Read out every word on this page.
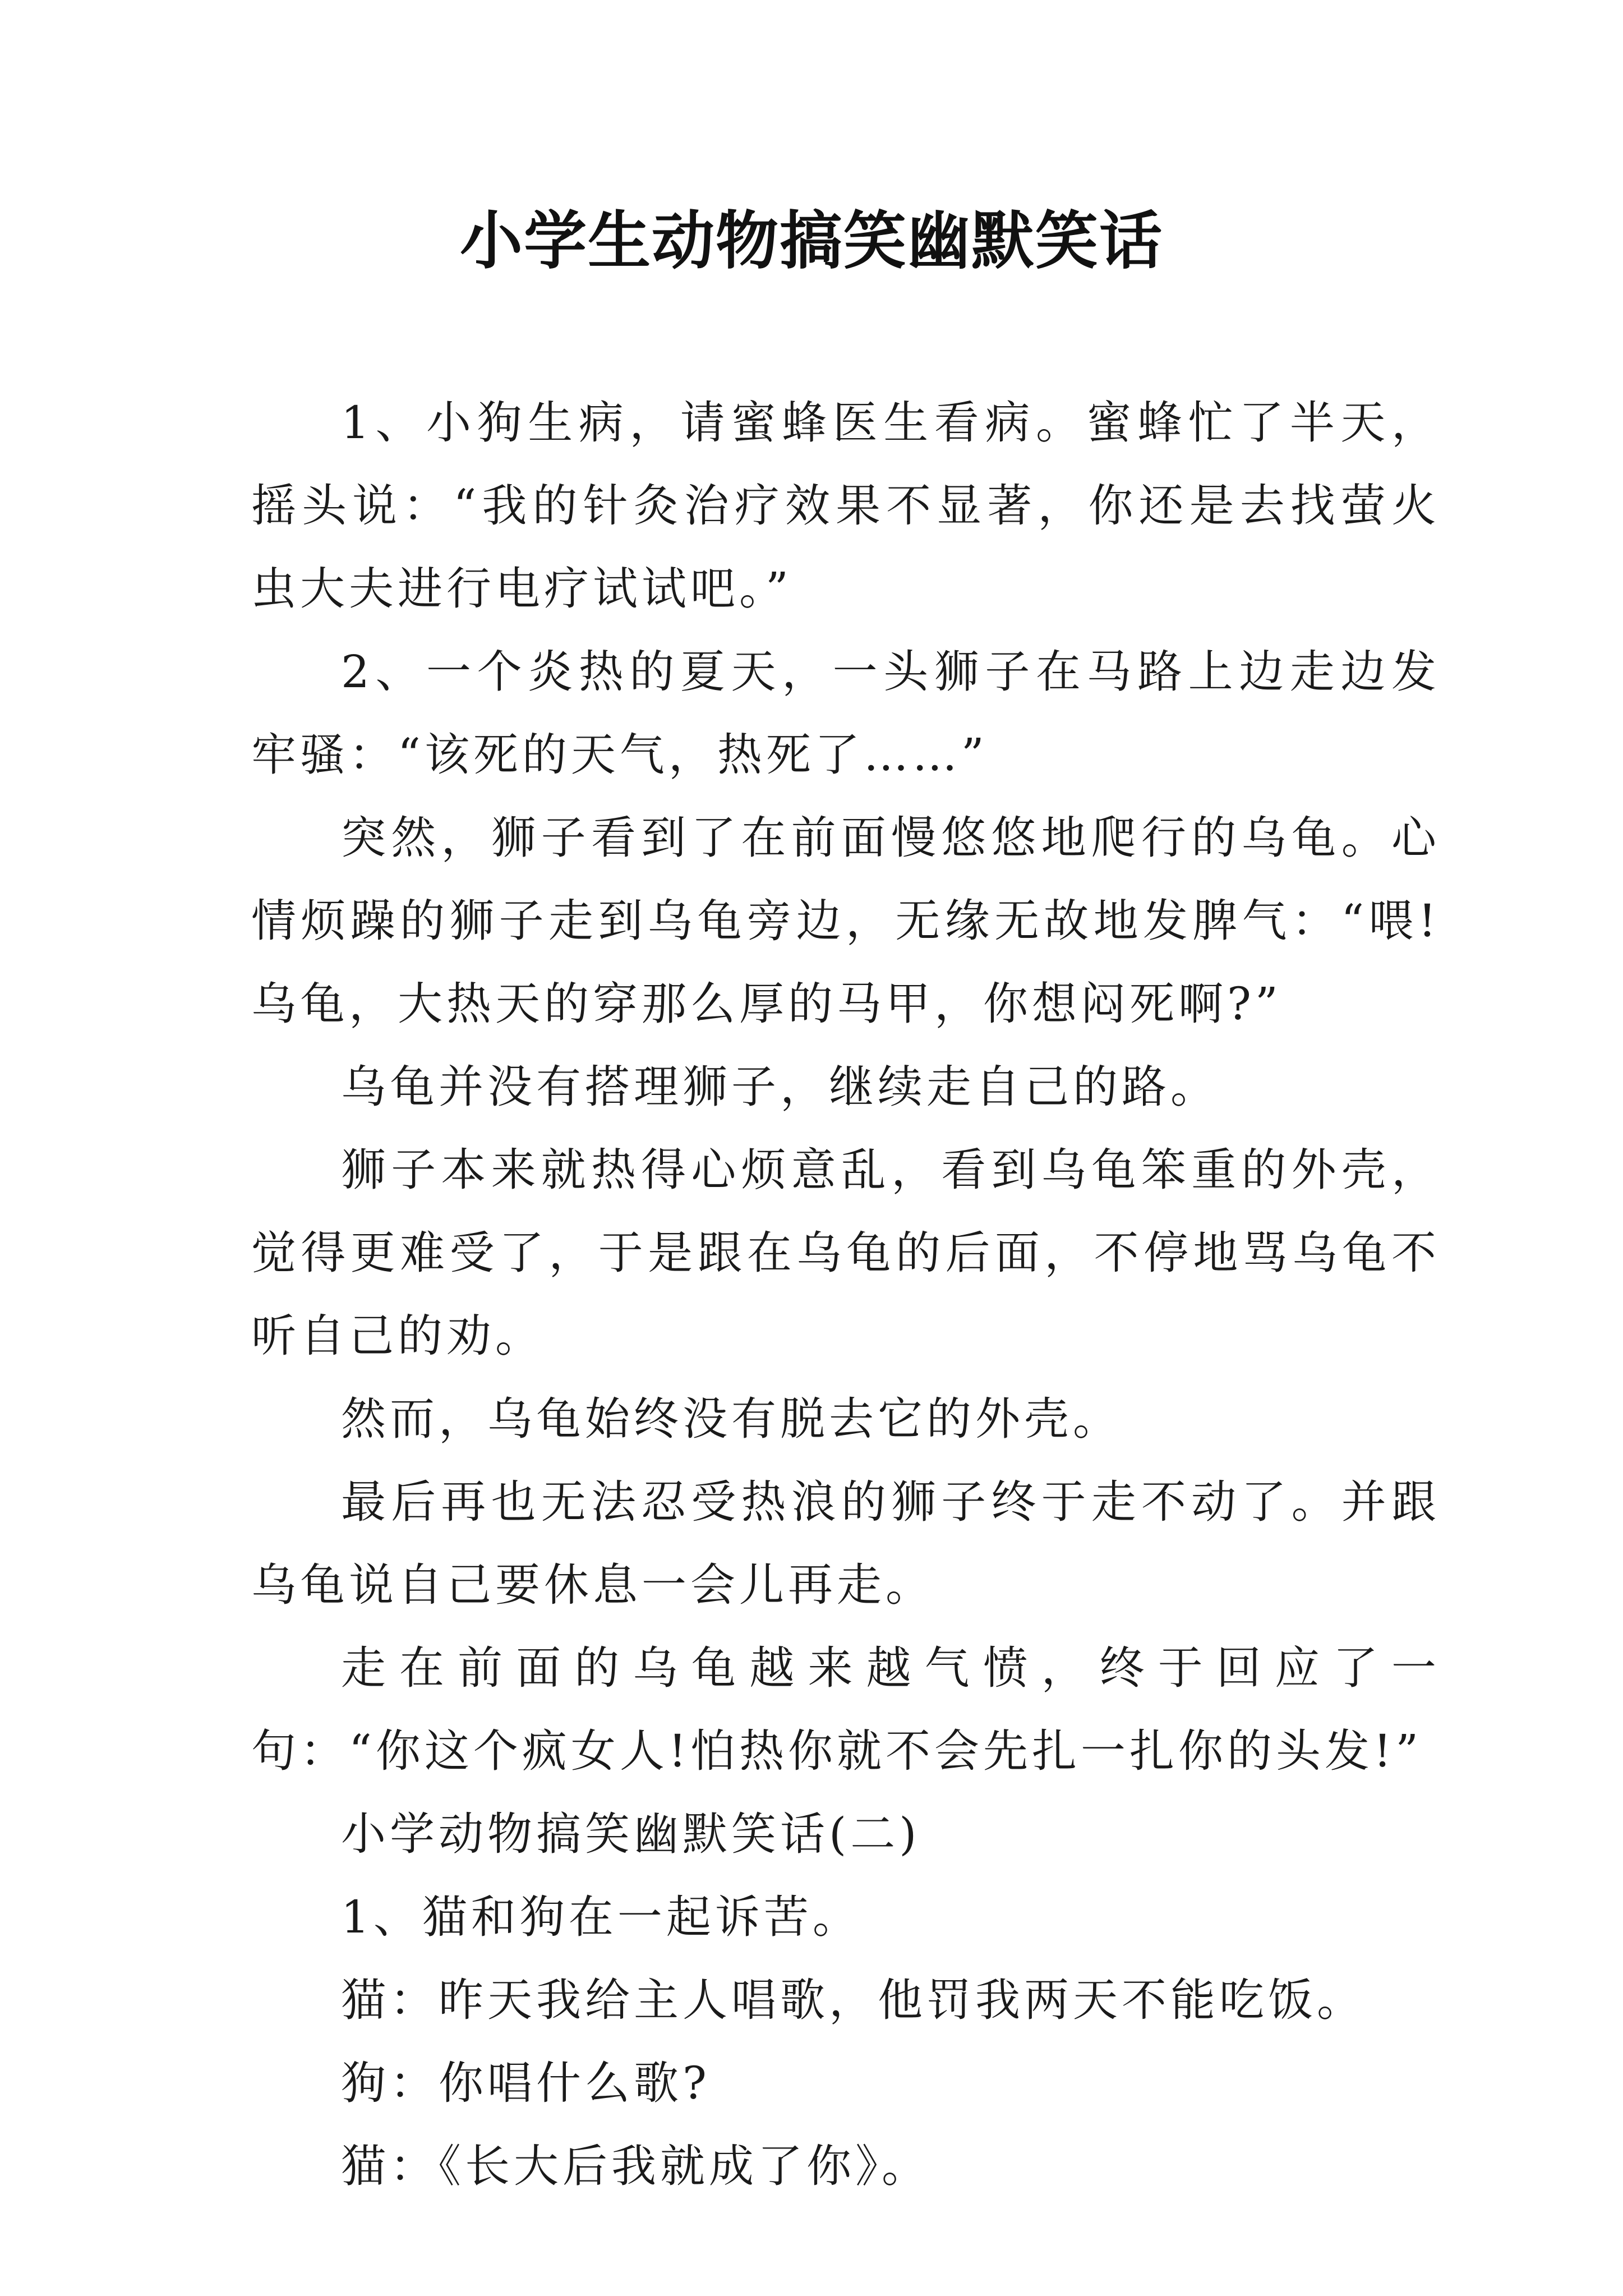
小学生动物搞笑幽默笑话

1、小狗生病，请蜜蜂医生看病。蜜蜂忙了半天，摇头说：“我的针灸治疗效果不显著，你还是去找萤火虫大夫进行电疗试试吧。”

2、一个炎热的夏天，一头狮子在马路上边走边发牢骚：“该死的天气，热死了……”

突然，狮子看到了在前面慢悠悠地爬行的乌龟。心情烦躁的狮子走到乌龟旁边，无缘无故地发脾气：“喂!乌龟，大热天的穿那么厚的马甲，你想闷死啊?”

乌龟并没有搭理狮子，继续走自己的路。

狮子本来就热得心烦意乱，看到乌龟笨重的外壳，觉得更难受了，于是跟在乌龟的后面，不停地骂乌龟不听自己的劝。

然而，乌龟始终没有脱去它的外壳。

最后再也无法忍受热浪的狮子终于走不动了。并跟乌龟说自己要休息一会儿再走。

走在前面的乌龟越来越气愤，终于回应了一句：“你这个疯女人!怕热你就不会先扎一扎你的头发!”

小学动物搞笑幽默笑话(二)

1、猫和狗在一起诉苦。

猫：昨天我给主人唱歌，他罚我两天不能吃饭。

狗：你唱什么歌?

猫：《长大后我就成了你》。
